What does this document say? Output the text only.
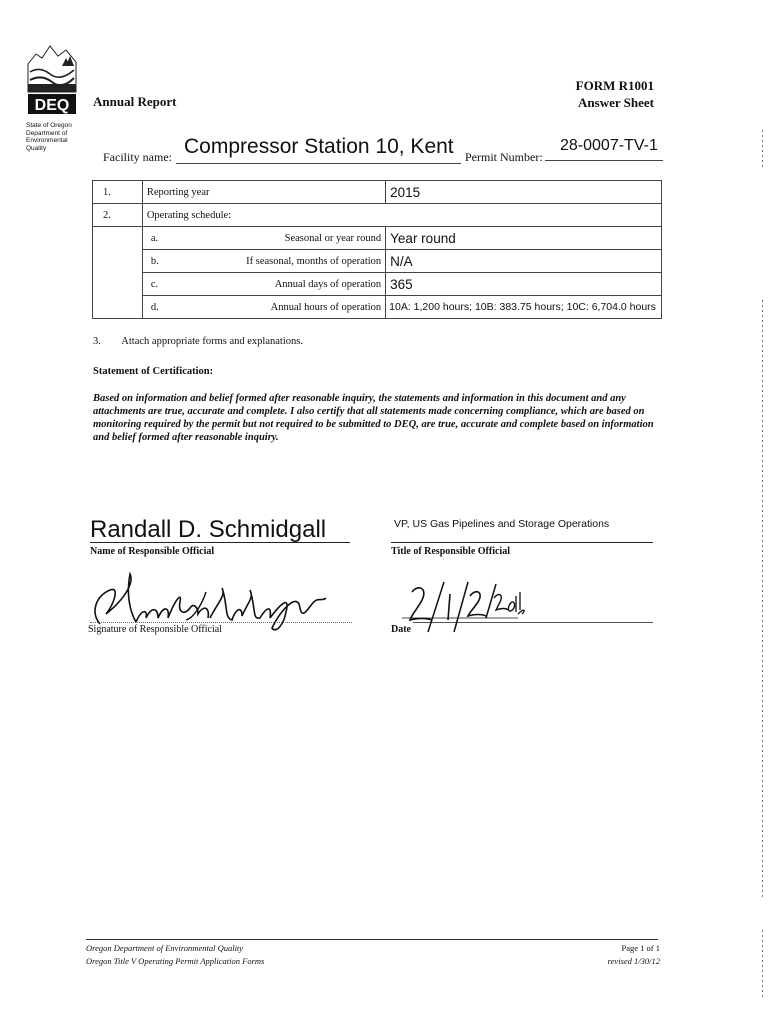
DEQ
State of Oregon
Department of
Environmental
Quality
Annual Report
FORM R1001
Answer Sheet
Facility name: Compressor Station 10, Kent Permit Number:
28-0007-TV-1
1.	Reporting year		2015
2.	Operating schedule:		
	a.	Seasonal or year round	Year round
	b.	If seasonal, months of operation	N/A
	c.	Annual days of operation	365
	d.	Annual hours of operation	10A: 1,200 hours; 10B: 383.75 hours; 10C: 6,704.0 hours
3.        Attach appropriate forms and explanations.
Statement of Certification:
Based on information and belief formed after reasonable inquiry, the statements and information in this document and any attachments are true, accurate and complete. I also certify that all statements made concerning compliance, which are based on monitoring required by the permit but not required to be submitted to DEQ, are true, accurate and complete based on information and belief formed after reasonable inquiry.
Randall D. Schmidgall
Name of Responsible Official
VP, US Gas Pipelines and Storage Operations
Title of Responsible Official
Signature of Responsible Official	Date
Oregon Department of Environmental Quality
Oregon Title V Operating Permit Application Forms
Page 1 of 1
revised 1/30/12
